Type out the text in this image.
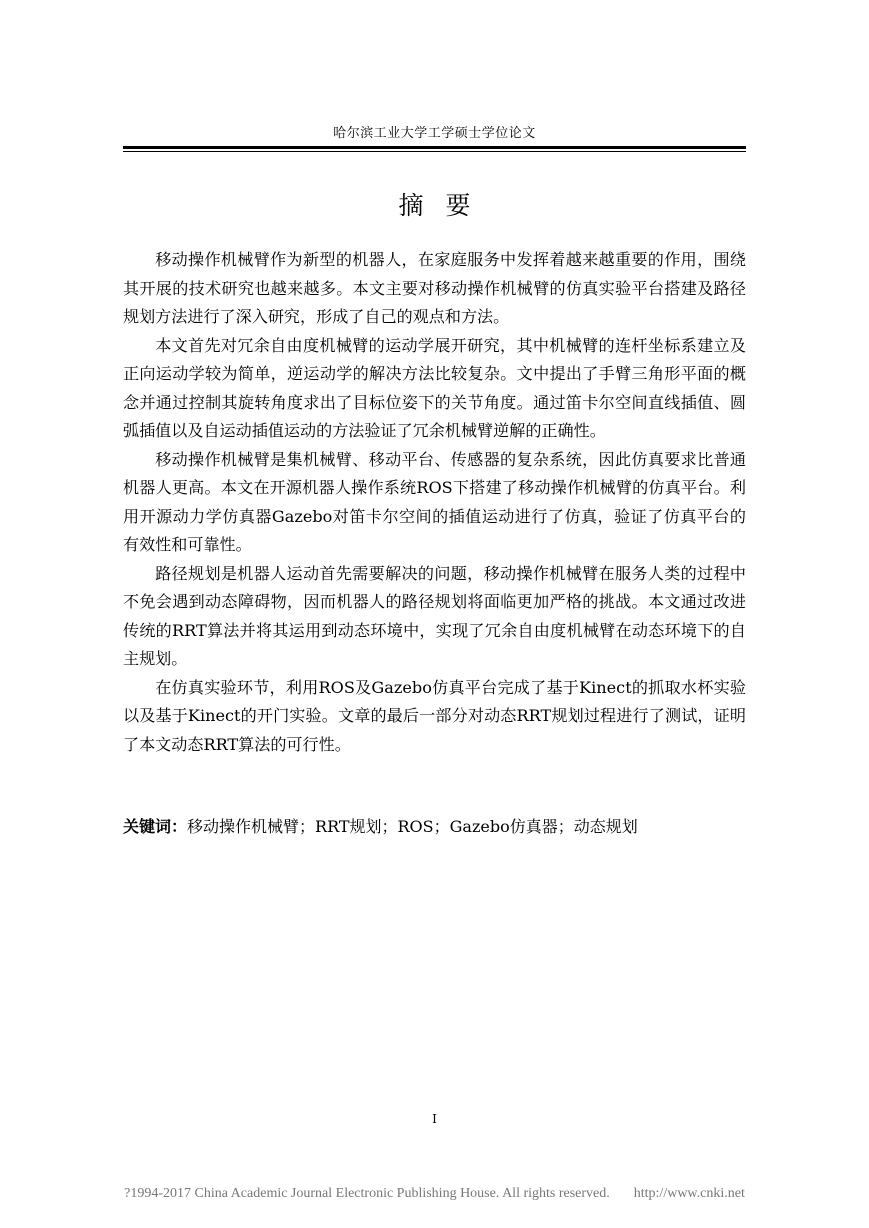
哈尔滨工业大学工学硕士学位论文
摘要

移动操作机械臂作为新型的机器人，在家庭服务中发挥着越来越重要的作用，围绕其开展的技术研究也越来越多。本文主要对移动操作机械臂的仿真实验平台搭建及路径规划方法进行了深入研究，形成了自己的观点和方法。

本文首先对冗余自由度机械臂的运动学展开研究，其中机械臂的连杆坐标系建立及正向运动学较为简单，逆运动学的解决方法比较复杂。文中提出了手臂三角形平面的概念并通过控制其旋转角度求出了目标位姿下的关节角度。通过笛卡尔空间直线插值、圆弧插值以及自运动插值运动的方法验证了冗余机械臂逆解的正确性。

移动操作机械臂是集机械臂、移动平台、传感器的复杂系统，因此仿真要求比普通机器人更高。本文在开源机器人操作系统ROS下搭建了移动操作机械臂的仿真平台。利用开源动力学仿真器Gazebo对笛卡尔空间的插值运动进行了仿真，验证了仿真平台的有效性和可靠性。

路径规划是机器人运动首先需要解决的问题，移动操作机械臂在服务人类的过程中不免会遇到动态障碍物，因而机器人的路径规划将面临更加严格的挑战。本文通过改进传统的RRT算法并将其运用到动态环境中，实现了冗余自由度机械臂在动态环境下的自主规划。

在仿真实验环节，利用ROS及Gazebo仿真平台完成了基于Kinect的抓取水杯实验以及基于Kinect的开门实验。文章的最后一部分对动态RRT规划过程进行了测试，证明了本文动态RRT算法的可行性。

关键词：移动操作机械臂；RRT规划；ROS；Gazebo仿真器；动态规划
I
?1994-2017 China Academic Journal Electronic Publishing House. All rights reserved. http://www.cnki.net
